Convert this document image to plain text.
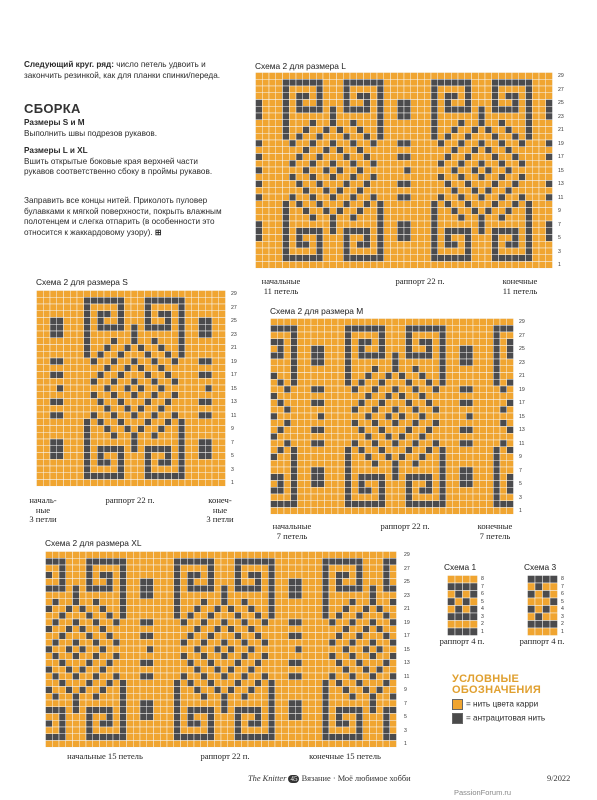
Следующий круг. ряд: число петель удвоить и закончить резинкой, как для планки спинки/переда.
СБОРКА
Размеры S и M
Выполнить швы подрезов рукавов.
Размеры L и XL
Вшить открытые боковые края верхней части рукавов соответственно сбоку в проймы рукавов.
Заправить все концы нитей. Приколоть пуловер булавками к мягкой поверхности, покрыть влажным полотенцем и слегка отпарить (в особенности это относится к жаккардовому узору). ⊞
Схема 2 для размера L
29
27
25
23
21
19
17
15
13
11
9
7
5
3
1
начальные
11 петель
раппорт 22 п.	конечные
11 петель
Схема 2 для размера S
29
27
25
23
21
19
17
15
13
11
9
7
5
3
1
началь-
ные
3 петли
раппорт 22 п.	конеч-
ные
3 петли
Схема 2 для размера M
29
27
25
23
21
19
17
15
13
11
9
7
5
3
1
начальные
7 петель
раппорт 22 п.	конечные
7 петель
Схема 2 для размера XL
29
27
25
23
21
19
17
15
13
11
9
7
5
3
1
начальные 15 петель	раппорт 22 п.	конечные 15 петель
Схема 1
8
7
6
5
4
3
2
1
раппорт 4 п.
Схема 3
8
7
6
5
4
3
2
1
раппорт 4 п.
УСЛОВНЫЕ
ОБОЗНАЧЕНИЯ
= нить цвета карри
= антрацитовая нить
The Knitter 45 Вязание · Моё любимое хобби
PassionForum.ru
9/2022
